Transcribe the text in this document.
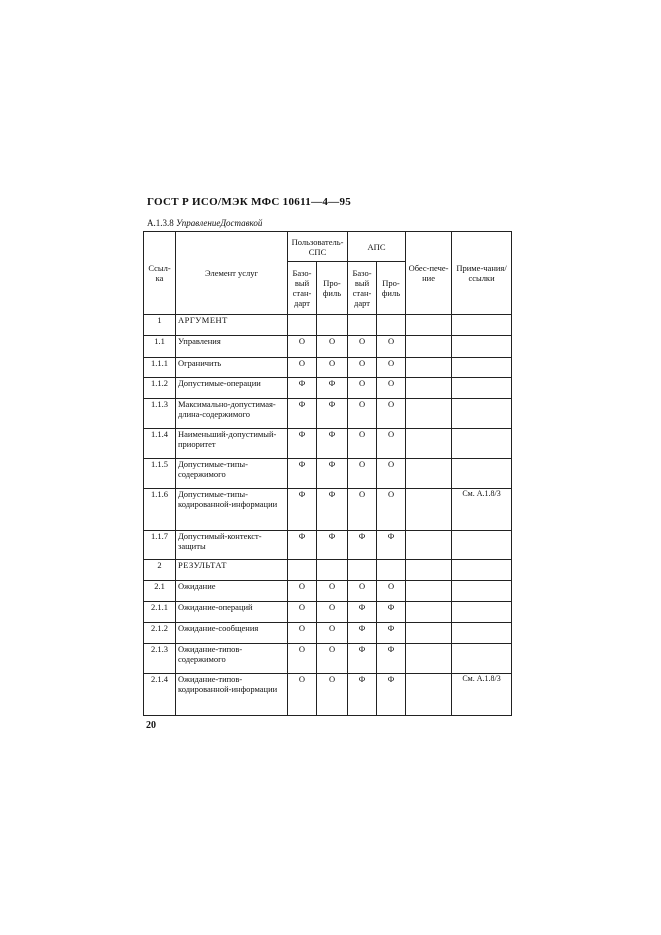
ГОСТ Р ИСО/МЭК МФС 10611—4—95
A.1.3.8 УправлениеДоставкой
Ссыл-ка	Элемент услуг	Пользователь-СПС		АПС		Обес-пече-ние	Приме-чания/ссылки
		Базо-вый стан-дарт	Про-филь	Базо-вый стан-дарт	Про-филь		
1	АРГУМЕНТ						
1.1	Управления	О	О	О	О		
1.1.1	Ограничить	О	О	О	О		
1.1.2	Допустимые-операции	Ф	Ф	О	О		
1.1.3	Максимально-допустимая-длина-содержимого	Ф	Ф	О	О		
1.1.4	Наименьший-допустимый-приоритет	Ф	Ф	О	О		
1.1.5	Допустимые-типы-содержимого	Ф	Ф	О	О		
1.1.6	Допустимые-типы-кодированной-информации	Ф	Ф	О	О		См. А.1.8/3
1.1.7	Допустимый-контекст-защиты	Ф	Ф	Ф	Ф		
2	РЕЗУЛЬТАТ						
2.1	Ожидание	О	О	О	О		
2.1.1	Ожидание-операций	О	О	Ф	Ф		
2.1.2	Ожидание-сообщения	О	О	Ф	Ф		
2.1.3	Ожидание-типов-содержимого	О	О	Ф	Ф		
2.1.4	Ожидание-типов-кодированной-информации	О	О	Ф	Ф		См. А.1.8/3
20
